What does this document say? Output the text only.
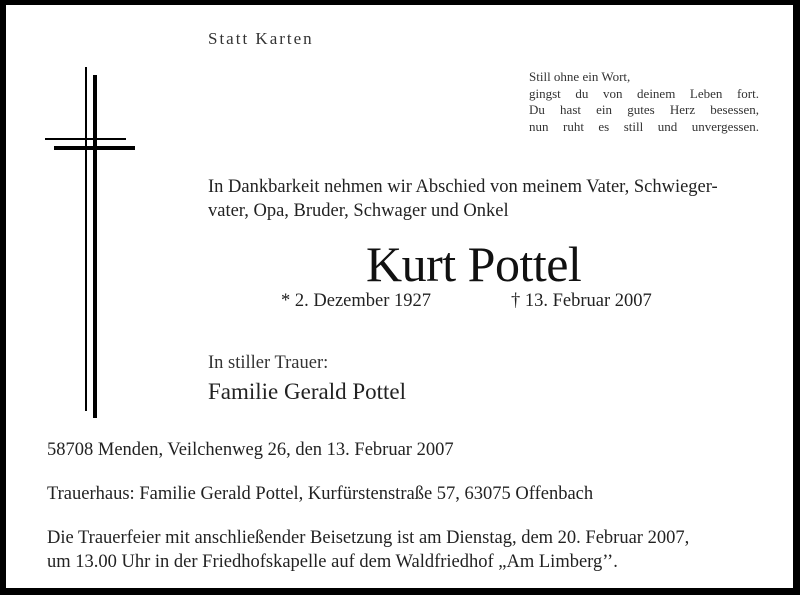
Statt Karten
Still ohne ein Wort,
gingst du von deinem Leben fort.
Du hast ein gutes Herz besessen,
nun ruht es still und unvergessen.
In Dankbarkeit nehmen wir Abschied von meinem Vater, Schwieger-
vater, Opa, Bruder, Schwager und Onkel
Kurt Pottel
* 2. Dezember 1927	† 13. Februar 2007
In stiller Trauer:
Familie Gerald Pottel
58708 Menden, Veilchenweg 26, den 13. Februar 2007
Trauerhaus: Familie Gerald Pottel, Kurfürstenstraße 57, 63075 Offenbach
Die Trauerfeier mit anschließender Beisetzung ist am Dienstag, dem 20. Februar 2007,
um 13.00 Uhr in der Friedhofskapelle auf dem Waldfriedhof „Am Limberg’’.
